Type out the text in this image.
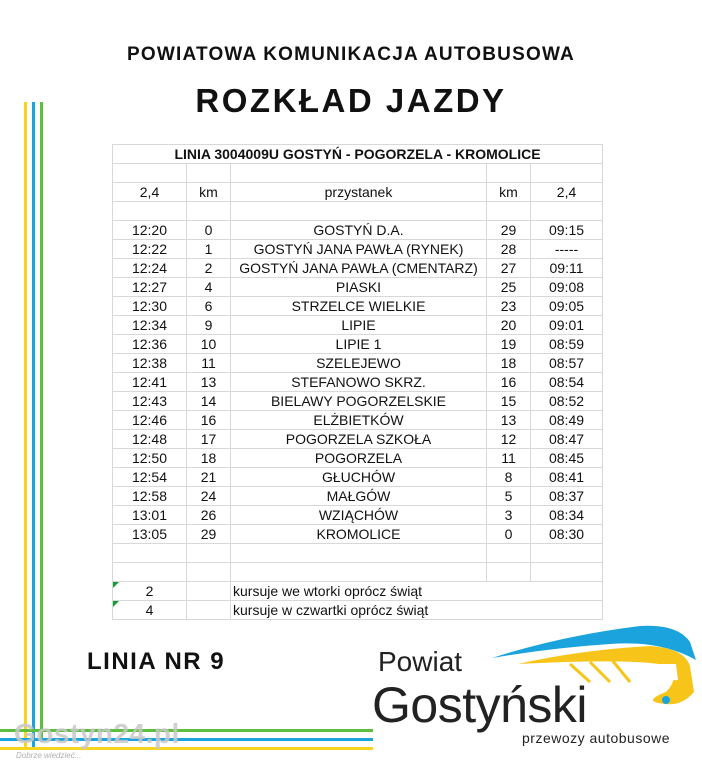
POWIATOWA KOMUNIKACJA AUTOBUSOWA
ROZKŁAD JAZDY
LINIA 3004009U GOSTYŃ - POGORZELA - KROMOLICE				

2,4	km	przystanek	km	2,4

12:20	0	GOSTYŃ D.A.	29	09:15
12:22	1	GOSTYŃ JANA PAWŁA (RYNEK)	28	-----
12:24	2	GOSTYŃ JANA PAWŁA (CMENTARZ)	27	09:11
12:27	4	PIASKI	25	09:08
12:30	6	STRZELCE WIELKIE	23	09:05
12:34	9	LIPIE	20	09:01
12:36	10	LIPIE 1	19	08:59
12:38	11	SZELEJEWO	18	08:57
12:41	13	STEFANOWO SKRZ.	16	08:54
12:43	14	BIELAWY POGORZELSKIE	15	08:52
12:46	16	ELŻBIETKÓW	13	08:49
12:48	17	POGORZELA SZKOŁA	12	08:47
12:50	18	POGORZELA	11	08:45
12:54	21	GŁUCHÓW	8	08:41
12:58	24	MAŁGÓW	5	08:37
13:01	26	WZIĄCHÓW	3	08:34
13:05	29	KROMOLICE	0	08:30

2		kursuje we wtorki oprócz świąt		

4		kursuje w czwartki oprócz świąt		
LINIA NR 9	Powiat
Gostyński
przewozy autobusowe
Gostyn24.pl
Dobrze wiedzieć...
